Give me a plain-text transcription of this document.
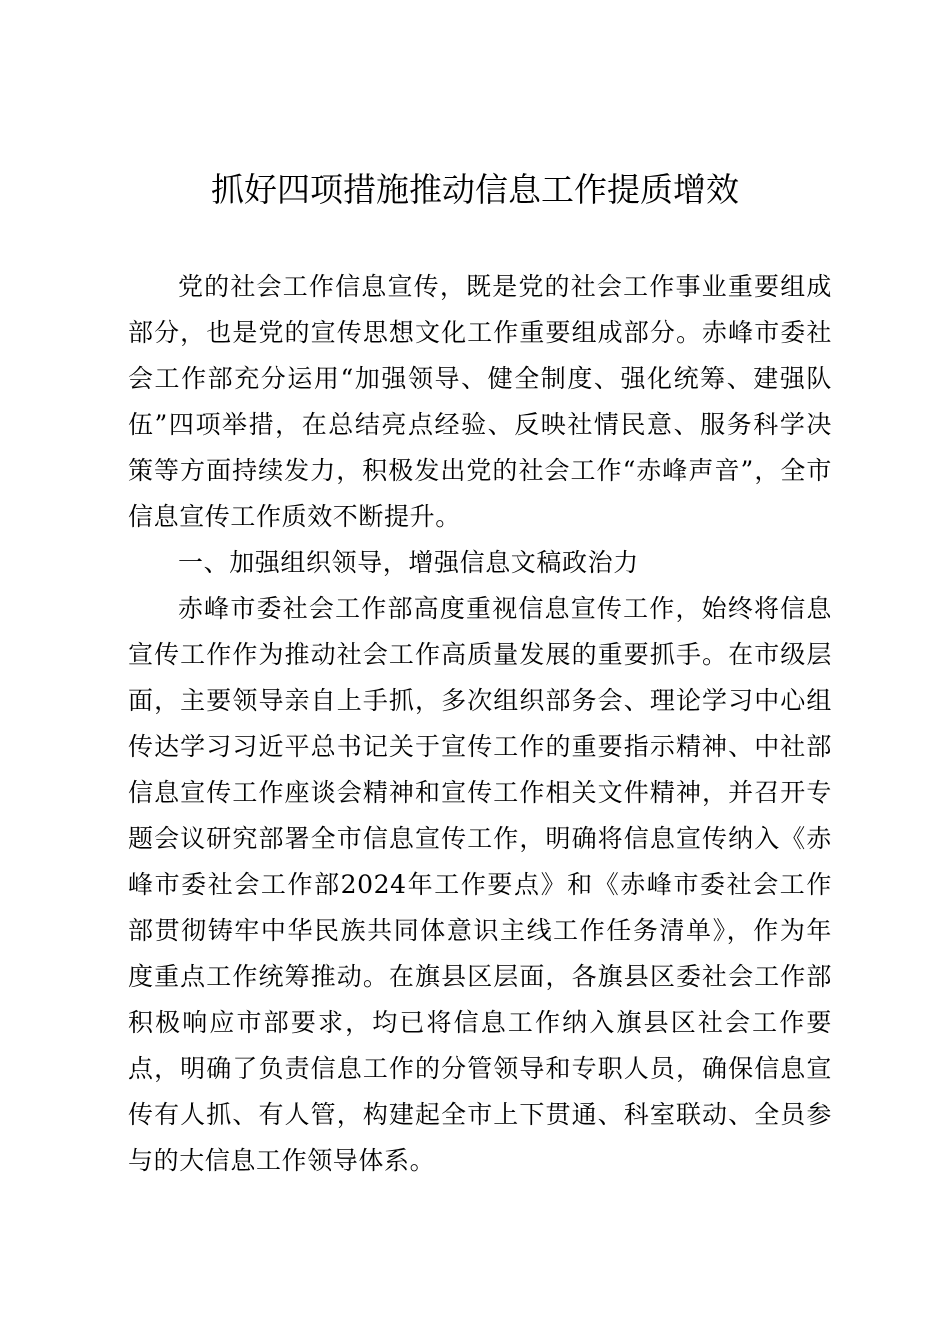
抓好四项措施推动信息工作提质增效

党的社会工作信息宣传，既是党的社会工作事业重要组成部分，也是党的宣传思想文化工作重要组成部分。赤峰市委社会工作部充分运用“加强领导、健全制度、强化统筹、建强队伍”四项举措，在总结亮点经验、反映社情民意、服务科学决策等方面持续发力，积极发出党的社会工作“赤峰声音”，全市信息宣传工作质效不断提升。

一、加强组织领导，增强信息文稿政治力

赤峰市委社会工作部高度重视信息宣传工作，始终将信息宣传工作作为推动社会工作高质量发展的重要抓手。在市级层面，主要领导亲自上手抓，多次组织部务会、理论学习中心组传达学习习近平总书记关于宣传工作的重要指示精神、中社部信息宣传工作座谈会精神和宣传工作相关文件精神，并召开专题会议研究部署全市信息宣传工作，明确将信息宣传纳入《赤峰市委社会工作部2024年工作要点》和《赤峰市委社会工作部贯彻铸牢中华民族共同体意识主线工作任务清单》，作为年度重点工作统筹推动。在旗县区层面，各旗县区委社会工作部积极响应市部要求，均已将信息工作纳入旗县区社会工作要点，明确了负责信息工作的分管领导和专职人员，确保信息宣传有人抓、有人管，构建起全市上下贯通、科室联动、全员参与的大信息工作领导体系。
